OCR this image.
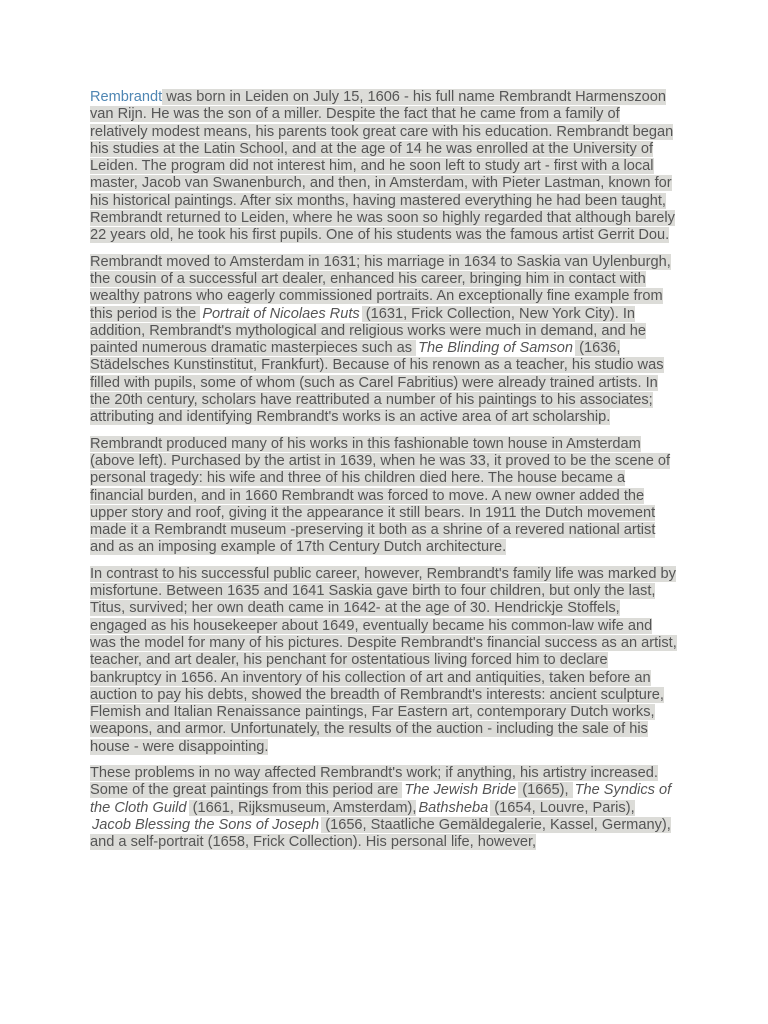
Rembrandt was born in Leiden on July 15, 1606 - his full name Rembrandt Harmenszoon van Rijn. He was the son of a miller. Despite the fact that he came from a family of relatively modest means, his parents took great care with his education. Rembrandt began his studies at the Latin School, and at the age of 14 he was enrolled at the University of Leiden. The program did not interest him, and he soon left to study art - first with a local master, Jacob van Swanenburch, and then, in Amsterdam, with Pieter Lastman, known for his historical paintings. After six months, having mastered everything he had been taught, Rembrandt returned to Leiden, where he was soon so highly regarded that although barely 22 years old, he took his first pupils. One of his students was the famous artist Gerrit Dou.

Rembrandt moved to Amsterdam in 1631; his marriage in 1634 to Saskia van Uylenburgh, the cousin of a successful art dealer, enhanced his career, bringing him in contact with wealthy patrons who eagerly commissioned portraits. An exceptionally fine example from this period is the Portrait of Nicolaes Ruts (1631, Frick Collection, New York City). In addition, Rembrandt's mythological and religious works were much in demand, and he painted numerous dramatic masterpieces such as The Blinding of Samson (1636, Städelsches Kunstinstitut, Frankfurt). Because of his renown as a teacher, his studio was filled with pupils, some of whom (such as Carel Fabritius) were already trained artists. In the 20th century, scholars have reattributed a number of his paintings to his associates; attributing and identifying Rembrandt's works is an active area of art scholarship.

Rembrandt produced many of his works in this fashionable town house in Amsterdam (above left). Purchased by the artist in 1639, when he was 33, it proved to be the scene of personal tragedy: his wife and three of his children died here. The house became a financial burden, and in 1660 Rembrandt was forced to move. A new owner added the upper story and roof, giving it the appearance it still bears. In 1911 the Dutch movement made it a Rembrandt museum -preserving it both as a shrine of a revered national artist and as an imposing example of 17th Century Dutch architecture.

In contrast to his successful public career, however, Rembrandt's family life was marked by misfortune. Between 1635 and 1641 Saskia gave birth to four children, but only the last, Titus, survived; her own death came in 1642- at the age of 30. Hendrickje Stoffels, engaged as his housekeeper about 1649, eventually became his common-law wife and was the model for many of his pictures. Despite Rembrandt's financial success as an artist, teacher, and art dealer, his penchant for ostentatious living forced him to declare bankruptcy in 1656. An inventory of his collection of art and antiquities, taken before an auction to pay his debts, showed the breadth of Rembrandt's interests: ancient sculpture, Flemish and Italian Renaissance paintings, Far Eastern art, contemporary Dutch works, weapons, and armor. Unfortunately, the results of the auction - including the sale of his house - were disappointing.

These problems in no way affected Rembrandt's work; if anything, his artistry increased. Some of the great paintings from this period are The Jewish Bride (1665), The Syndics of the Cloth Guild (1661, Rijksmuseum, Amsterdam), Bathsheba (1654, Louvre, Paris), Jacob Blessing the Sons of Joseph (1656, Staatliche Gemäldegalerie, Kassel, Germany), and a self-portrait (1658, Frick Collection). His personal life, however,
